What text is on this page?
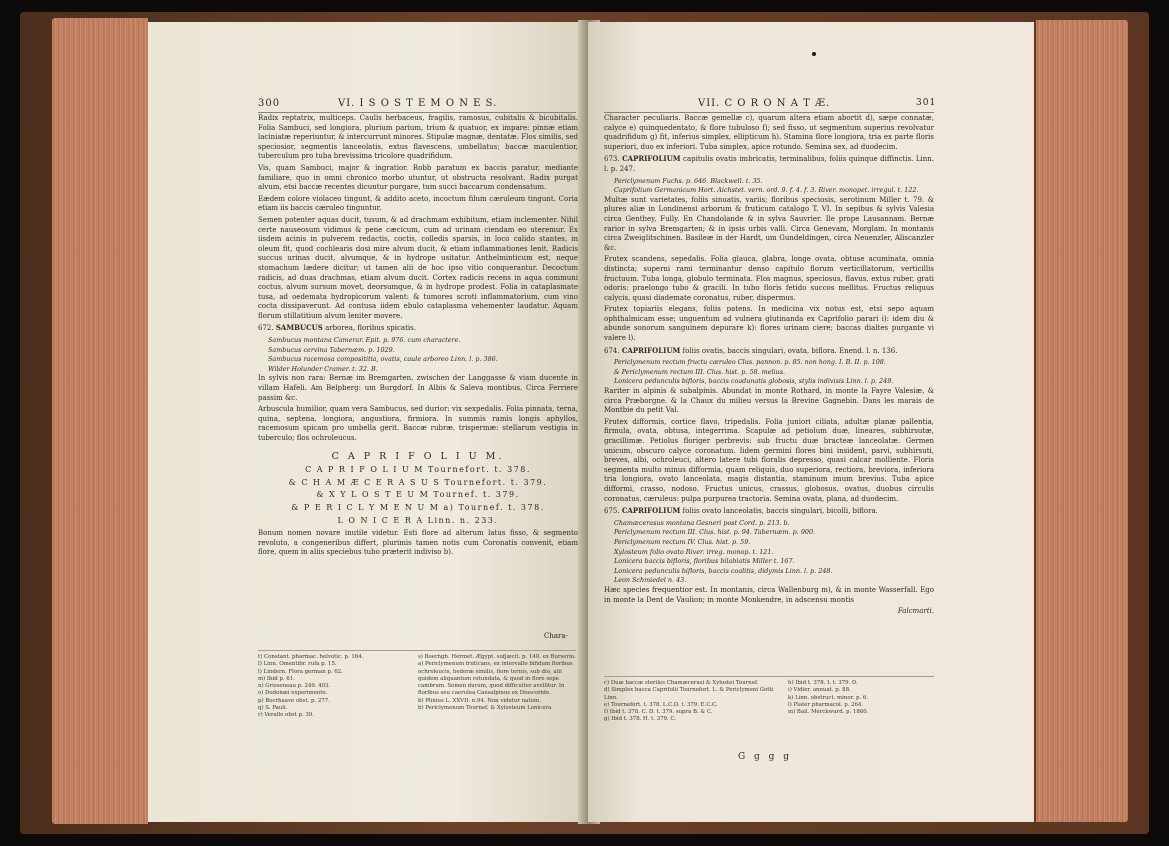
300	VI. I S O S T E M O N E S.

Radix reptatrix, multiceps. Caulis herbaceus, fragilis, ramosus, cubitalis & bicubitalis. Folia Sambuci, sed longiora, plurium parium, trium & quatuor, ex impare: pinnæ etiam laciniatæ reperiuntur, & intercurrunt minores. Stipulæ magnæ, dentatæ. Flos similis, sed speciosior, segmentis lanceolatis, extus flavescens, umbellatus; baccæ maculentior, tuberculum pro tuba brevissima tricolore quadrifidum.

Vis, quam Sambuci, major & ingratior. Robb paratum ex baccis paratur, mediante familiare, quo in omni chronico morbo utuntur, ut obstructa resolvant. Radix purgat alvum, etsi baccæ recentes dicuntur purgare, tum succi baccarum condensatum.

Eædem colore violaceo tingunt, & addito aceto, incoctum filum cæruleum tingunt. Coria etiam iis baccis cæruleo tinguntur.

Semen potenter aquas ducit, tusum, & ad drachmam exhibitum, etiam inclementer. Nihil certe nauseosum vidimus & pene cæcicum, cum ad urinam ciendam eo uteremur. Ex iisdem acinis in pulverem redactis, coctis, colledis sparsis, in loco calido stantes, in oleum fit, quod cochlearis dosi mire alvum ducit, & etiam inflammationes lenit. Radicis succus urinas ducit, alvumque, & in hydrope usitatur. Anthelminticum est, neque stomachum lædere dicitur; ut tamen alii de hoc ipso vitio conquerantur. Decoctum radicis, ad duas drachmas, etiam alvum ducit. Cortex radicis recens in aqua communi coctus, alvum sursum movet, deorsumque, & in hydrope prodest. Folia in cataplasmate tusa, ad oedemata hydropicorum valent: & tumores scroti inflammatorium, cum vino cocta dissipaverunt. Ad contusa iidem ebulo cataplasma vehementer laudatur. Aquam florum stillatitium alvum leniter movere.

672. SAMBUCUS arborea, floribus spicatis.

Sambucus montana Camerar. Epit. p. 976. cum charactere.

Sambucus cervina Tabernæm. p. 1029.

Sambucus racemosa composititia, ovatis, caule arboreo Linn. l. p. 386.

Wilder Holunder Cramer. t. 32. B.

In sylvis non rara: Bernæ im Bremgarten, zwischen der Langgasse & viam ducente in villam Hafeli. Am Belpberg: um Burgdorf. In Albis & Saleva montibus. Circa Ferriere passim &c.

Arbuscula humilior, quam vera Sambucus, sed durior: vix sexpedalis. Folia pinnata, terna, quina, septena, longiora, angustiora, firmiora. In summis ramis longis aphyllos, racemosum spicam pro umbella gerit. Baccæ rubræ, trispermæ: stellarum vestigia in tuberculo; flos ochroleucus.

C A P R I F O L I U M.
C A P R I F O L I U M Tournefort. t. 378.
& C H A M Æ C E R A S U S Tournefort. t. 379.
& X Y L O S T E U M Tournef. t. 379.
& P E R I C L Y M E N U M a) Tournef. t. 378.
L O N I C E R A Linn. n. 233.

Bonum nomen novare inutile videtur. Esti flore ad alterum latus fisso, & segmento revoluto, a congeneribus differt, plurimis tamen notis cum Coronatis convenit, etiam flore, quem in aliis speciebus tubo præterit indiviso b).

Chara-

t) Constant. pharmac. helvetic. p. 164.

l) Linn. Omentibr. rufa p. 15.

l) Lindern. Flora german p. 62.

m) Ibid p. 61.

n) Grisseneau p. 249. 403.

o) Dodonæi experimento.

p) Bocrhaave obst. p. 277.

q) S. Pauli.

r) Veralle obst p. 39.

s) Boerhgh. Hermet. Ægypt. sufjæcit. p. 140. ex Burserio.

a) Periclymenum fruticans, ex intervallo bifidum floribus ochroleucis, hederæ similis, flore ternis, sub dio, alii quidem aliquantum rotundata, & quod in flore sepe cambrum. Somen durum, quod difficulter avellitur. In floribus seu caerulea Caesalpinus ex Dioscoride.

b) Plinius L. XXVII. n.94. Non videtur natum.

b) Periclymenum Tournef. & Xylosteum Lonicera.

VII. C O R O N A T Æ.	301

Character peculiaris. Baccæ gemellæ c), quarum altera etiam abortit d), sæpe connatæ, calyce e) quinquedentato, & flore tubuloso f); sed fisso, ut segmentum superius revolvatur quadrifidum g) fit, inferius simplex, ellipticum h). Stamina flore longiora, tria ex parte floris superiori, duo ex inferiori. Tuba simplex, apice rotundo. Semina sex, ad duodecim.

673. CAPRIFOLIUM capitulis ovatis imbricatis, terminalibus, foliis quinque diffinctis. Linn. l. p. 247.

Periclymenum Fuchs. p. 646. Blackwell. t. 35.

Caprifolium Germanicum Hort. Aichstet. vern. ord. 9. f. 4. f. 3. River. monopet. irregul. t. 122.

Multæ sunt varietates, foliis sinuatis, variis; floribus speciosis, serotinum Miller t. 79. & plures aliæ in Londinensi arborum & fruticum catalogo T. VI. In sepibus & sylvis Valesia circa Genthey, Fully. En Chandolande & in sylva Sauvrier. Ile prope Lausannam. Bernæ rarior in sylva Bremgarten; & in ipsis urbis valli. Circa Genevam, Morglam. In montanis circa Zweiglitschinen. Basileæ in der Hardt, um Gundeldingen, circa Neuenzler, Aliscanzler &c.

Frutex scandens, sepedalis. Folia glauca, glabra, longe ovata, obtuse acuminata, omnia distincta; superni rami terminantur denso capitulo florum verticillatorum, verticillis fructuum. Tuba longa, globulo terminata. Flos magnus, speciosus, flavus, extus ruber, grati odoris: praelongo tubo & gracili. In tubo floris fetido succos mellitus. Fructus reliquus calycis, quasi diademate coronatus, ruber, dispermus.

Frutex topiariis elegans, foliis patens. In medicina vix notus est, etsi sepo aquam ophthalmicam esse; unguentum ad vulnera glutinanda ex Caprifolio parari i): idem diu & abunde sonorum sanguinem depurare k): flores urinam ciere; baccas dialtes purgante vi valere l).

674. CAPRIFOLIUM foliis ovatis, baccis singulari, ovata, biflora. Enend. l. n. 136.

Periclymenum rectum fructu cæruleo Clus. pannon. p. 85. non hong. I. B. II. p. 108.

& Periclymenum rectum III. Clus. hist. p. 58. melius.

Lonicera pedunculis bifloris, baccis coadunatis globosis, stylis indivisis Linn. l. p. 249.

Rariter in alpinis & subalpinis. Abundat in monte Rothard, in monte la Fayre Valesiæ, & circa Præborgne. & la Chaux du milieu versus la Brevine Gagnebin. Dans les marais de Montbie du petit Val.

Frutex difformis, cortice flavo, tripedalis. Folia juniori ciliata, adultæ planæ pallentia, firmula, ovata, obtusa, integerrima. Scapulæ ad petiolum duæ, lineares, subhirsutæ, gracillimæ. Petiolus floriger perbrevis: sub fructu duæ bracteæ lanceolatæ. Germen unicum, obscuro calyce coronatum. Iidem germini flores bini insident, parvi, subhirsuti, breves, albi, ochroleuci, altero latere tubi floralis depresso, quasi calcar molliente. Floris segmenta multo minus difformia, quam reliquis, duo superiora, rectiora, breviora, inferiora tria longiora, ovato lanceolata, magis distantia, staminum imum brevius. Tuba apice difformi, crasso, nodoso. Fructus unicus, crassus, globosus, ovatus, duobus circulis coronatus, cæruleus: pulpa purpurea tractoria. Semina ovata, plana, ad duodecim.

675. CAPRIFOLIUM foliis ovato lanceolatis, baccis singulari, bicolli, biflora.

Chamæcerasus montana Gesneri post Cord. p. 213. b.

Periclymenum rectum III. Clus. hist. p. 94. Tabernæm. p. 900.

Periclymenum rectum IV. Clus. hist. p. 59.

Xylosteum folio ovato River. irreg. monop. t. 121.

Lonicera baccis bifloris, floribus bilabiatis Miller t. 167.

Lonicera pedunculis bifloris, baccis coalitis, didymis Linn. l. p. 248.

Leon Schmiedel n. 43.

Hæc species frequentior est. In montanis, circa Wallenburg m), & in monte Wasserfall. Ego in monte la Dent de Vaulion; in monte Monkendre, in adscensu montis

Falcmarti.

c) Duæ baccæ steriles Chamæcerasi & Xylostei Tournef.

d) Simplex bacca Caprifolii Tournefort. L. & Periclymeni Gotti Linn.

e) Tournefort. t. 378. L.C.D. t. 379. E.C.C.

f) Ibid t. 378. C. D. t. 379. supra B. & C.

g) Ibid t. 378. H. t. 379. C.

h) Ibid t. 378. I. t. 379. D.

i) Vidier. annuat. p. 88.

k) Linn. obstruct. minor. p. 6.

l) Plater pharmacol. p. 264.

m) Bail. Merckwurd. p. 1860.

G g g g
